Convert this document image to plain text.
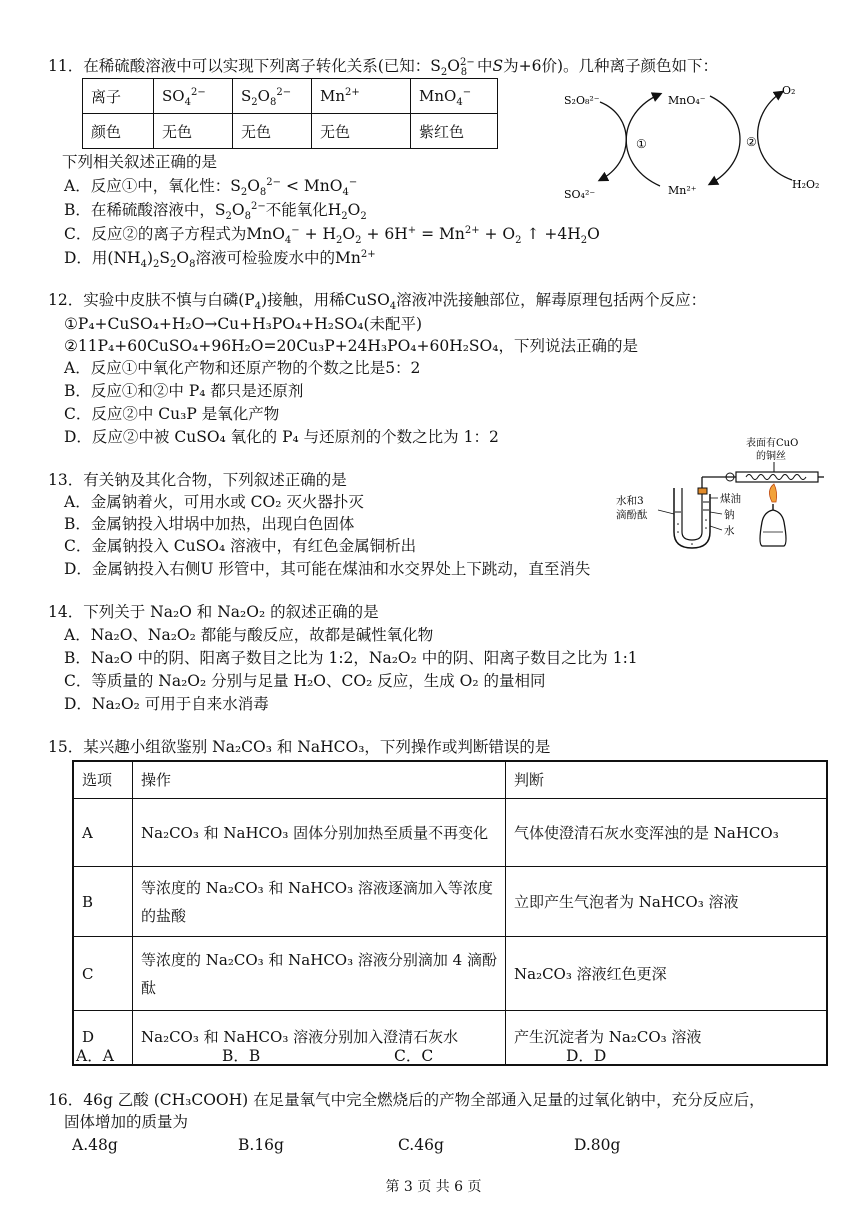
11．在稀硫酸溶液中可以实现下列离子转化关系(已知：$S_2O^{2-}_8$ 中S为+6价)。几种离子颜色如下：
离子	$SO_4^{2-}$	$S_2O_8^{2-}$	$Mn^{2+}$	MnO$_4$−
颜色	无色	无色	无色	紫红色
S₂O₈²⁻
SO₄²⁻
MnO₄⁻
Mn²⁺
O₂
H₂O₂
①	②
下列相关叙述正确的是
A．反应①中，氧化性：$S_2O_8^{2-} < MnO_4^-$
B．在稀硫酸溶液中，$S_2O_8^{2-}$不能氧化$H_2O_2$
C．反应②的离子方程式为$MnO_4^- + H_2O_2 + 6H^+ = Mn^{2+} + O_2$ ↑ $+4H_2O$
D．用$(NH_4)_2S_2O_8$溶液可检验废水中的$Mn^{2+}$
12．实验中皮肤不慎与白磷$(P_4)$接触，用稀CuSO$_4$溶液冲洗接触部位，解毒原理包括两个反应：
①P₄+CuSO₄+H₂O→Cu+H₃PO₄+H₂SO₄(未配平)
②11P₄+60CuSO₄+96H₂O=20Cu₃P+24H₃PO₄+60H₂SO₄，下列说法正确的是
A．反应①中氧化产物和还原产物的个数之比是5：2
B．反应①和②中 P₄ 都只是还原剂
C．反应②中 Cu₃P 是氧化产物
D．反应②中被 CuSO₄ 氧化的 P₄ 与还原剂的个数之比为 1：2
13．有关钠及其化合物，下列叙述正确的是
A．金属钠着火，可用水或 CO₂ 灭火器扑灭
B．金属钠投入坩埚中加热，出现白色固体
C．金属钠投入 CuSO₄ 溶液中，有红色金属铜析出
D．金属钠投入右侧U 形管中，其可能在煤油和水交界处上下跳动，直至消失
表面有CuO
的铜丝
水和3
滴酚酞
煤油
钠
水
14．下列关于 Na₂O 和 Na₂O₂ 的叙述正确的是
A．Na₂O、Na₂O₂ 都能与酸反应，故都是碱性氧化物
B．Na₂O 中的阴、阳离子数目之比为 1:2，Na₂O₂ 中的阴、阳离子数目之比为 1:1
C．等质量的 Na₂O₂ 分别与足量 H₂O、CO₂ 反应，生成 O₂ 的量相同
D．Na₂O₂ 可用于自来水消毒
15．某兴趣小组欲鉴别 Na₂CO₃ 和 NaHCO₃，下列操作或判断错误的是
选项	操作	判断
A	Na₂CO₃ 和 NaHCO₃ 固体分别加热至质量不再变化	气体使澄清石灰水变浑浊的是 NaHCO₃
B	等浓度的 Na₂CO₃ 和 NaHCO₃ 溶液逐滴加入等浓度的盐酸	立即产生气泡者为 NaHCO₃ 溶液
C	等浓度的 Na₂CO₃ 和 NaHCO₃ 溶液分别滴加 4 滴酚酞	Na₂CO₃ 溶液红色更深
D	Na₂CO₃ 和 NaHCO₃ 溶液分别加入澄清石灰水	产生沉淀者为 Na₂CO₃ 溶液
A．A	B．B	C．C	D．D
16．46g 乙酸 (CH₃COOH) 在足量氧气中完全燃烧后的产物全部通入足量的过氧化钠中，充分反应后，
固体增加的质量为
A.48g	B.16g	C.46g	D.80g
第 3 页 共 6 页
